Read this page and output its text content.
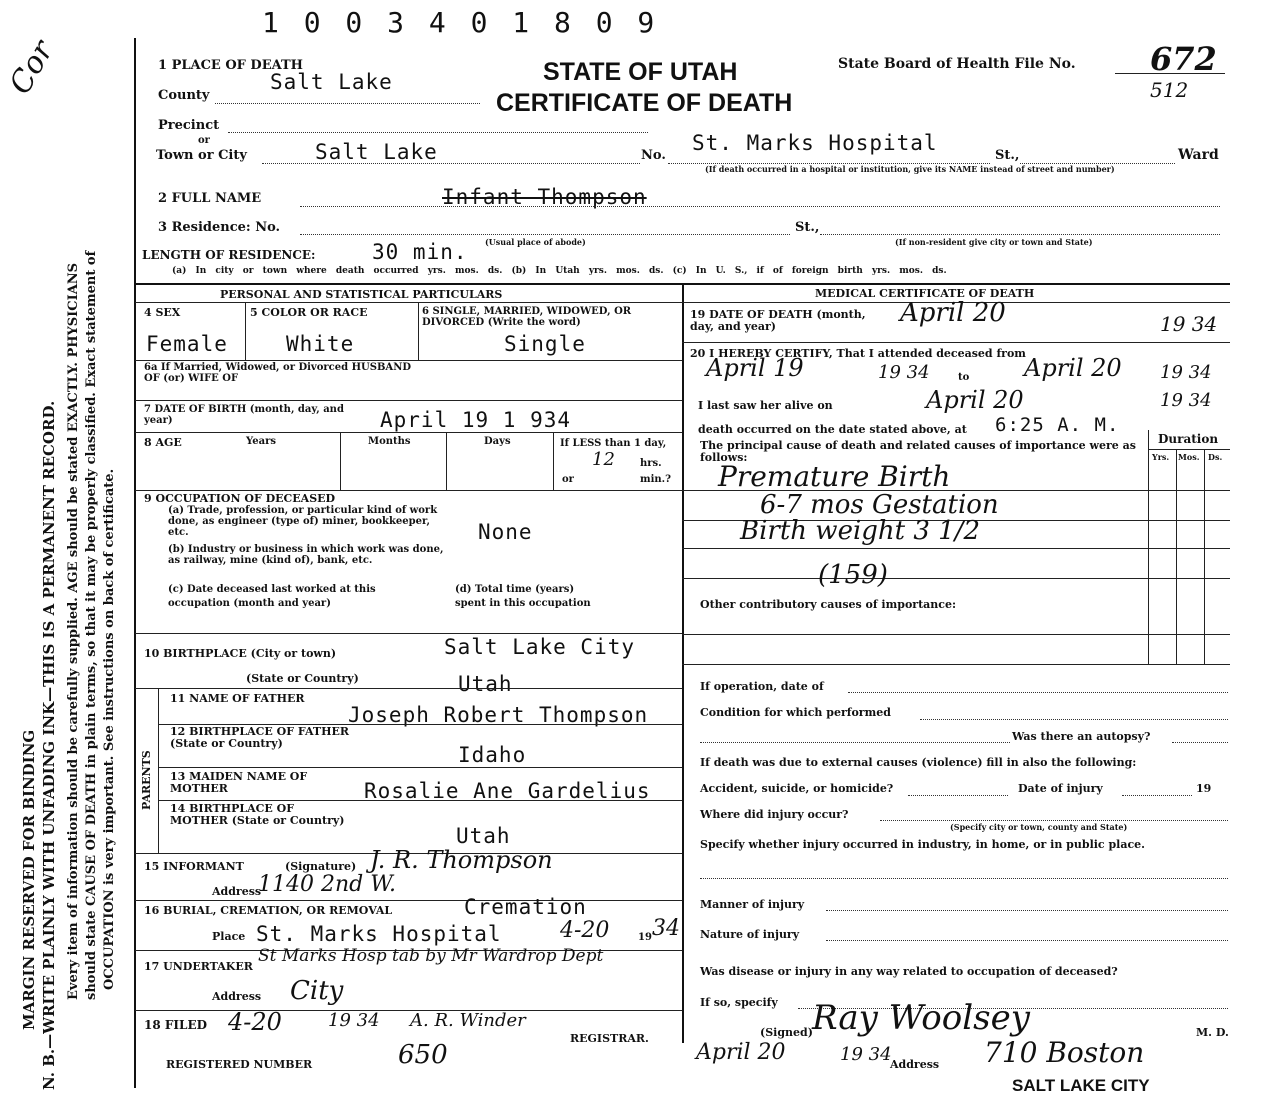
1 0 0 3 4 0 1 8 0 9
Cor
MARGIN RESERVED FOR BINDING N. B.—WRITE PLAINLY WITH UNFADING INK—THIS IS A PERMANENT RECORD. Every item of information should be carefully supplied. AGE should be stated EXACTLY. PHYSICIANS should state CAUSE OF DEATH in plain terms, so that it may be properly classified. Exact statement of OCCUPATION is very important. See instructions on back of certificate.
1 PLACE OF DEATH	STATE OF UTAH
CERTIFICATE OF DEATH
State Board of Health File No. 672
512
County
Salt Lake
Precinct
or
Town or City	Salt Lake	No.
St. Marks Hospital
St.,	Ward
(If death occurred in a hospital or institution, give its NAME instead of street and number)
2 FULL NAME	Infant Thompson
3 Residence: No.	St.,
(Usual place of abode)	(If non-resident give city or town and State)
LENGTH OF RESIDENCE:	30 min.
(a) In city or town where death occurred yrs. mos. ds. (b) In Utah yrs. mos. ds. (c) In U. S., if of foreign birth yrs. mos. ds.
PERSONAL AND STATISTICAL PARTICULARS
4 SEX	5 COLOR OR RACE	6 SINGLE, MARRIED, WIDOWED, OR DIVORCED (Write the word)
Female	White	Single
6a If Married, Widowed, or Divorced HUSBAND OF (or) WIFE OF
7 DATE OF BIRTH (month, day, and year)	April 19 1 934
8 AGE	Years	Months	Days	If LESS than 1 day,
12	hrs.
or	min.?
9 OCCUPATION OF DECEASED
(a) Trade, profession, or particular kind of work done, as engineer (type of) miner, bookkeeper, etc.	None
(b) Industry or business in which work was done, as railway, mine (kind of), bank, etc.
(c) Date deceased last worked at this occupation (month and year)
(d) Total time (years) spent in this occupation
10 BIRTHPLACE (City or town)	Salt Lake City
(State or Country)	Utah
PARENTS
11 NAME OF FATHER
Joseph Robert Thompson
12 BIRTHPLACE OF FATHER (State or Country)	Idaho
13 MAIDEN NAME OF MOTHER	Rosalie Ane Gardelius
14 BIRTHPLACE OF MOTHER (State or Country)
Utah
15 INFORMANT	(Signature) J. R. Thompson
Address
1140 2nd W.
16 BURIAL, CREMATION, OR REMOVAL	Cremation
Place St. Marks Hospital	4-20	19 34
17 UNDERTAKER
St Marks Hosp tab by Mr Wardrop Dept
Address City
18 FILED 4-20	19 34 A. R. Winder
REGISTRAR.
REGISTERED NUMBER	650
MEDICAL CERTIFICATE OF DEATH
19 DATE OF DEATH (month, day, and year)	April 20	19 34
20 I HEREBY CERTIFY, That I attended deceased from
April 19	19 34	to April 20 19 34
I last saw her alive on	April 20	19 34
death occurred on the date stated above, at 6:25 A. M.
The principal cause of death and related causes of importance were as follows:
Duration
Yrs. Mos. Ds.
Premature Birth
6-7 mos Gestation
Birth weight 3 1/2
(159)
Other contributory causes of importance:
If operation, date of
Condition for which performed
Was there an autopsy?
If death was due to external causes (violence) fill in also the following:
Accident, suicide, or homicide?	Date of injury	19
Where did injury occur?
(Specify city or town, county and State)
Specify whether injury occurred in industry, in home, or in public place.
Manner of injury
Nature of injury
Was disease or injury in any way related to occupation of deceased?
If so, specify
(Signed) Ray Woolsey	M. D.
April 20	19 34
Address 710 Boston
SALT LAKE CITY
